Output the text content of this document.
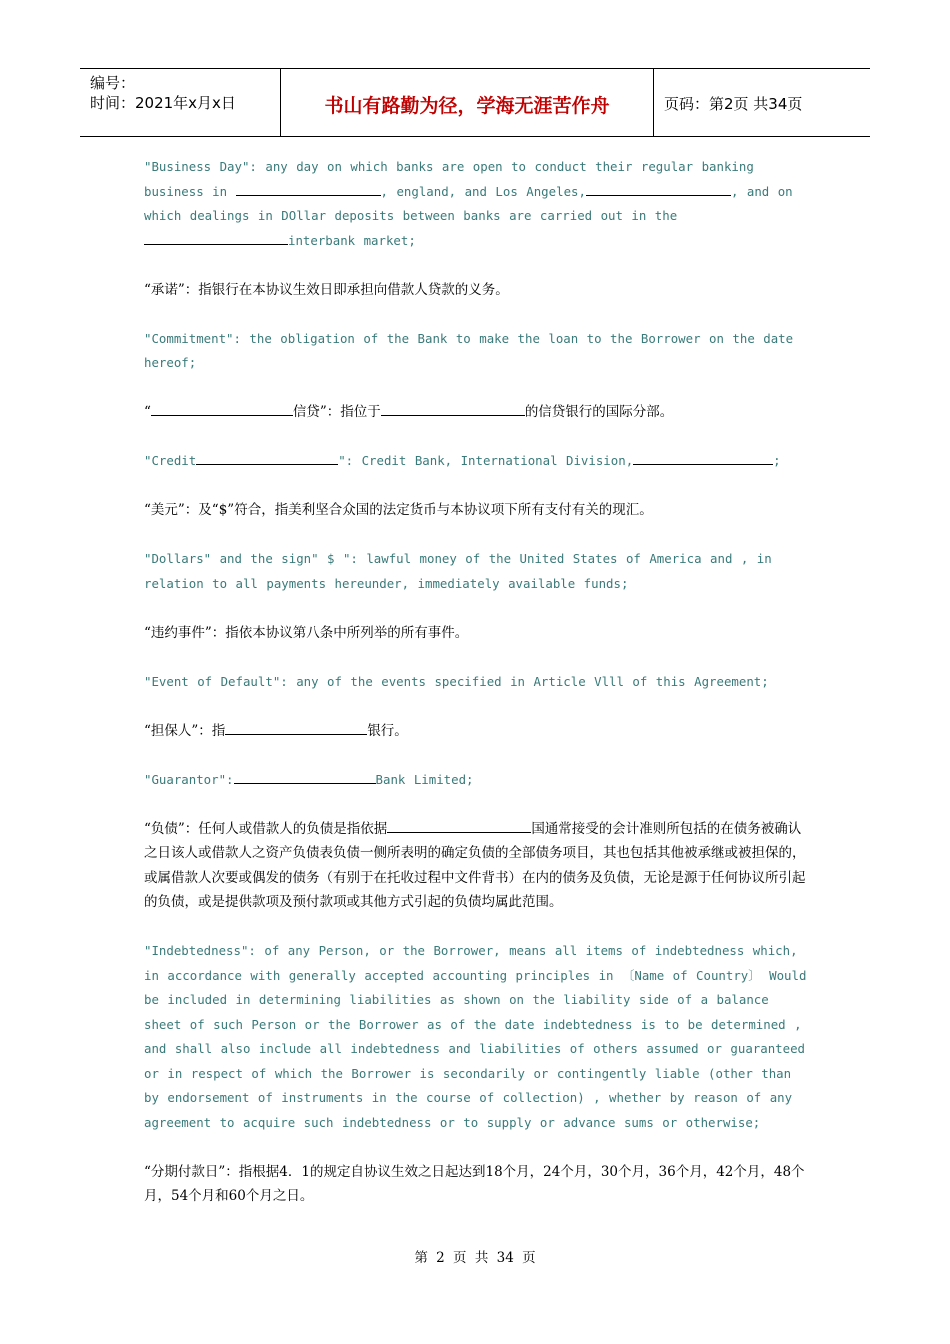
编号：
时间：2021年x月x日	书山有路勤为径，学海无涯苦作舟	页码：第2页 共34页

"Business Day": any day on which banks are open to conduct their regular banking business in	, england, and Los Angeles,	, and on which dealings in DOllar deposits between banks are carried out in theinterbank market;

“承诺”：指银行在本协议生效日即承担向借款人贷款的义务。

"Commitment": the obligation of the Bank to make the loan to the Borrower on the date hereof;

“	信贷”：指位于	的信贷银行的国际分部。

"Credit	": Credit Bank, International Division,	;

“美元”：及“$”符合，指美利坚合众国的法定货币与本协议项下所有支付有关的现汇。

"Dollars" and the sign" $ ": lawful money of the United States of America and , in relation to all payments hereunder, immediately available funds;

“违约事件”：指依本协议第八条中所列举的所有事件。

"Event of Default": any of the events specified in Article Vlll of this Agreement;

“担保人”：指	银行。

"Guarantor":	Bank Limited;

“负债”：任何人或借款人的负债是指依据	国通常接受的会计准则所包括的在债务被确认之日该人或借款人之资产负债表负债一侧所表明的确定负债的全部债务项目，其也包括其他被承继或被担保的，或属借款人次要或偶发的债务（有别于在托收过程中文件背书）在内的债务及负债，无论是源于任何协议所引起的负债，或是提供款项及预付款项或其他方式引起的负债均属此范围。

"Indebtedness": of any Person, or the Borrower, means all items of indebtedness which, in accordance with generally accepted accounting principles in 〔Name of Country〕 Would be included in determining liabilities as shown on the liability side of a balance sheet of such Person or the Borrower as of the date indebtedness is to be determined , and shall also include all indebtedness and liabilities of others assumed or guaranteed or in respect of which the Borrower is secondarily or contingently liable (other than by endorsement of instruments in the course of collection) , whether by reason of any agreement to acquire such indebtedness or to supply or advance sums or otherwise;

“分期付款日”：指根据4．1的规定自协议生效之日起达到18个月，24个月，30个月，36个月，42个月，48个月，54个月和60个月之日。

第 2 页 共 34 页
